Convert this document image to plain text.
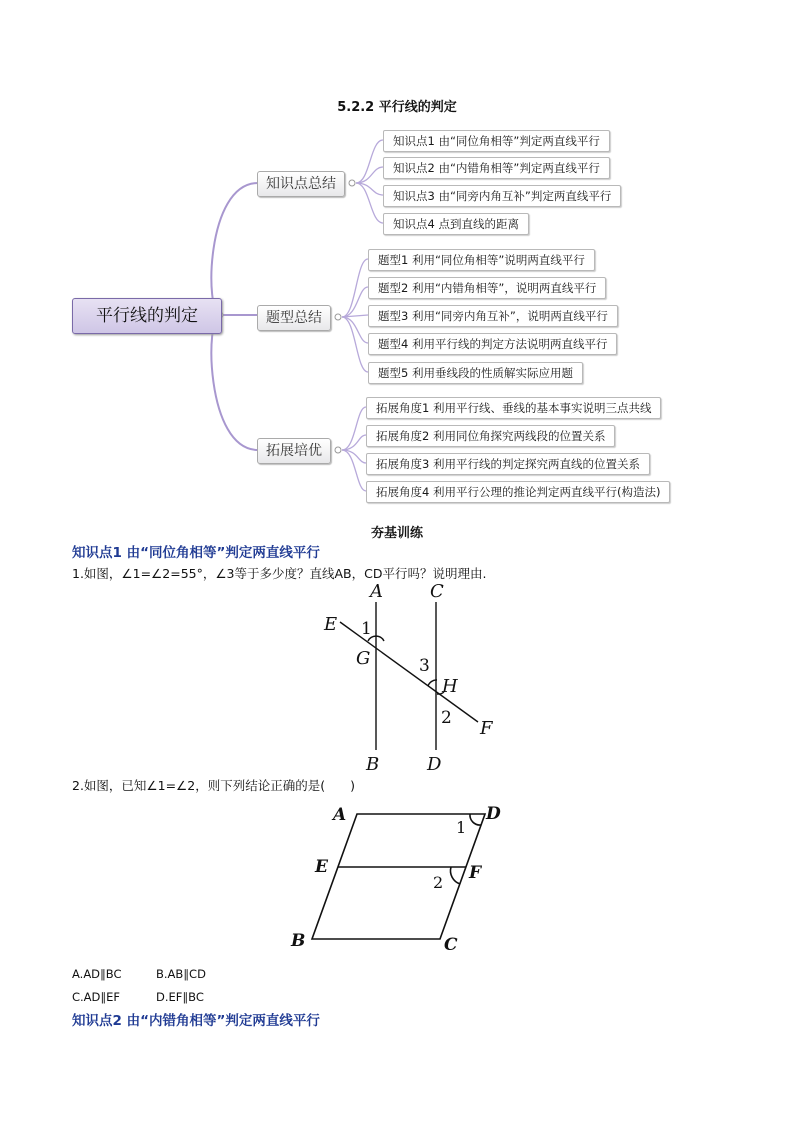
5.2.2 平行线的判定
平行线的判定
知识点总结
题型总结
拓展培优
知识点1 由“同位角相等”判定两直线平行
知识点2 由“内错角相等”判定两直线平行
知识点3 由“同旁内角互补”判定两直线平行
知识点4 点到直线的距离
题型1 利用“同位角相等”说明两直线平行
题型2 利用“内错角相等”，说明两直线平行
题型3 利用“同旁内角互补”，说明两直线平行
题型4 利用平行线的判定方法说明两直线平行
题型5 利用垂线段的性质解实际应用题
拓展角度1 利用平行线、垂线的基本事实说明三点共线
拓展角度2 利用同位角探究两线段的位置关系
拓展角度3 利用平行线的判定探究两直线的位置关系
拓展角度4 利用平行公理的推论判定两直线平行(构造法)
夯基训练
知识点1 由“同位角相等”判定两直线平行
1.如图，∠1=∠2=55°，∠3等于多少度？直线AB，CD平行吗？说明理由.
A	C
E
G
H
F
B	D
1
3
2
2.如图，已知∠1=∠2，则下列结论正确的是(　　)
A	D
E	F
B	C
1
2
A.AD∥BC	B.AB∥CD
C.AD∥EF	D.EF∥BC
知识点2 由“内错角相等”判定两直线平行
